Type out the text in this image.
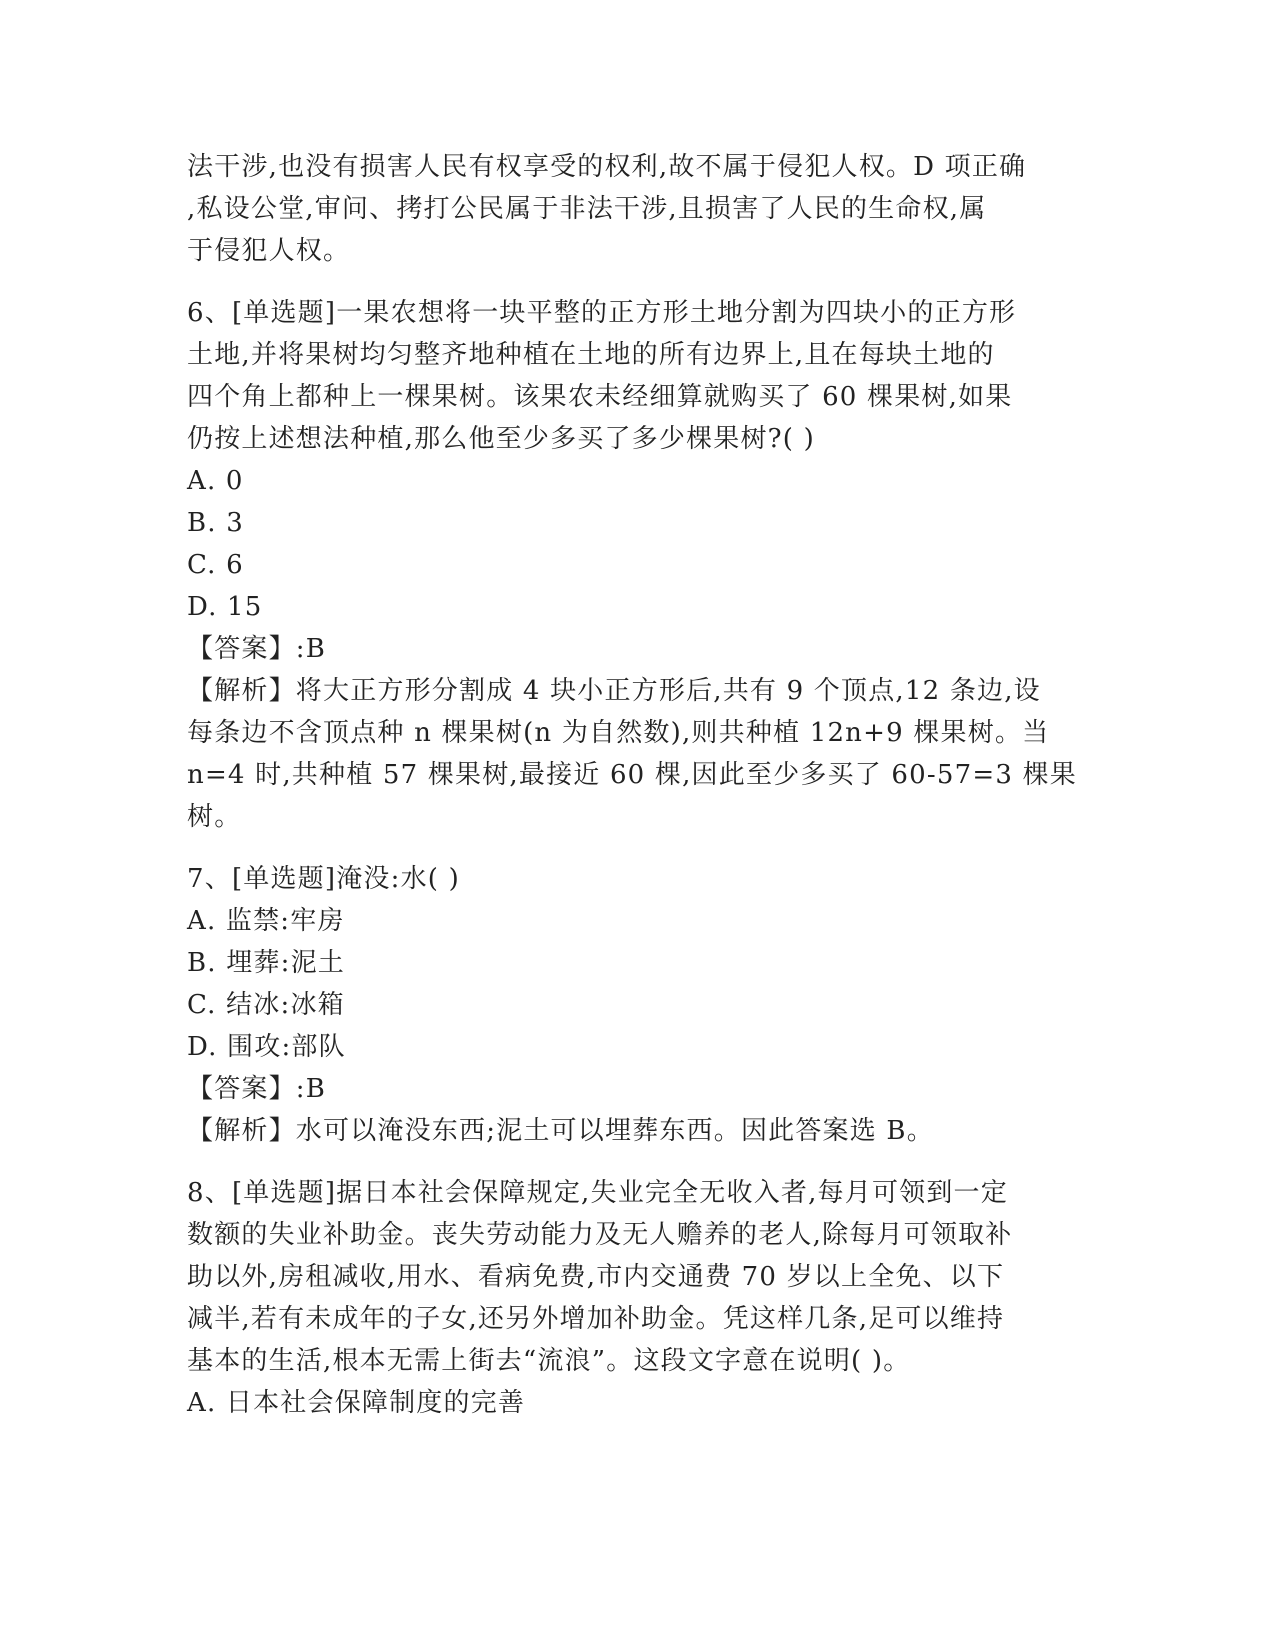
法干涉,也没有损害人民有权享受的权利,故不属于侵犯人权。D 项正确
,私设公堂,审问、拷打公民属于非法干涉,且损害了人民的生命权,属
于侵犯人权。
6、[单选题]一果农想将一块平整的正方形土地分割为四块小的正方形
土地,并将果树均匀整齐地种植在土地的所有边界上,且在每块土地的
四个角上都种上一棵果树。该果农未经细算就购买了 60 棵果树,如果
仍按上述想法种植,那么他至少多买了多少棵果树?( )
A. 0
B. 3
C. 6
D. 15
【答案】:B
【解析】将大正方形分割成 4 块小正方形后,共有 9 个顶点,12 条边,设
每条边不含顶点种 n 棵果树(n 为自然数),则共种植 12n+9 棵果树。当
n=4 时,共种植 57 棵果树,最接近 60 棵,因此至少多买了 60-57=3 棵果
树。
7、[单选题]淹没:水( )
A. 监禁:牢房
B. 埋葬:泥土
C. 结冰:冰箱
D. 围攻:部队
【答案】:B
【解析】水可以淹没东西;泥土可以埋葬东西。因此答案选 B。
8、[单选题]据日本社会保障规定,失业完全无收入者,每月可领到一定
数额的失业补助金。丧失劳动能力及无人赡养的老人,除每月可领取补
助以外,房租减收,用水、看病免费,市内交通费 70 岁以上全免、以下
减半,若有未成年的子女,还另外增加补助金。凭这样几条,足可以维持
基本的生活,根本无需上街去“流浪”。这段文字意在说明( )。
A. 日本社会保障制度的完善
